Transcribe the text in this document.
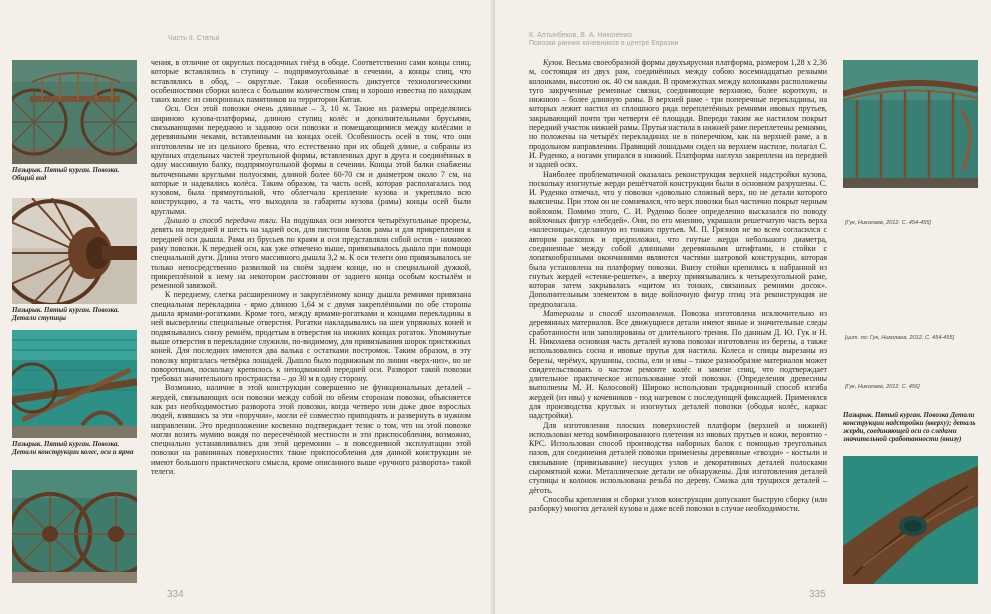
Часть II. Статьи
Пазырык. Пятый курган. Повозка. Общий вид
Пазырык. Пятый курган. Повозка. Детали ступицы
Пазырык. Пятый курган. Повозка. Детали конструкции колес, оси и ярма

чения, в отличие от округлых посадочных гнёзд в ободе. Соответственно сами концы спиц, которые вставлялись в ступицу – подпрямоугольные в сечении, а концы спиц, что вставлялись в обод, – округлые. Такая особенность диктуется технологическими особенностями сборки колеса с большим количеством спиц и хорошо известна по находкам таких колес из синхронных памятников на территории Китая.

Оси. Оси этой повозки очень длинные – 3, 10 м. Такие их размеры определялись шириною кузова-платформы, длиною ступиц колёс и дополнительными брусьями, связывающими переднюю и заднюю оси повозки и помещающимися между колёсами и деревянными чеками, вставленными на концах осей. Особенность осей в том, что они изготовлены не из цельного бревна, что естественно при их общей длине, а собраны из крупных отдельных частей треугольной формы, вставленных друг в друга и соединённых в одну массивную балку, подпрямоугольной формы в сечении. Концы этой балки снабжены выточенными круглыми полуосями, длиной более 60-70 см и диаметром около 7 см, на которые и надевались колёса. Таким образом, та часть осей, которая располагалась под кузовом, была прямоугольной, что облегчало крепление кузова и укрепляло всю конструкцию, а та часть, что выходила за габариты кузова (рамы) концы осей были круглыми.

Дышло и способ передачи тяги. На подушках оси имеются четырёхугольные прорезы, девять на передней и шесть на задней оси, для пистонов балок рамы и для прикрепления к передней оси дышла. Рама из брусьев по краям и оси представляли собой остов - нижнюю раму повозки. К передней оси, как уже отмечено выше, привязывалось дышло при помощи специальной дуги. Длина этого массивного дышла 3,2 м. К оси телеги оно привязывалось не только непосредственно развилкой на своём заднем конце, но и специальной дужкой, прикреплённой к нему на некотором расстоянии от заднего конца особым костылём и ременной завязкой.

К переднему, слегка расширенному и закруглённому концу дышла ремнями привязана специальная перекладина - ярмо длиною 1,64 м с двумя закреплёнными по обе стороны дышла ярмами-рогатками. Кроме того, между ярмами-рогатками и концами перекладины в ней высверлены специальные отверстия. Рогатки накладывались на шеи упряжных коней и подвязывались снизу ремнём, продетым в отверстия на нижних концах рогаток. Упомянутые выше отверстия в перекладине служили, по-видимому, для привязывания шорок пристяжных коней. Для последних имеются два валька с остатками постромок. Таким образом, в эту повозку впрягалась четвёрка лошадей. Дышло было подвижным по линии «верх-низ», но не поворотным, поскольку крепилось к неподвижной передней оси. Разворот такой повозки требовал значительного пространства – до 30 м в одну сторону.

Возможно, наличие в этой конструкции совершенно не функциональных деталей – жердей, связывающих оси повозки между собой по обеим сторонам повозки, объясняется как раз необходимостью разворота этой повозки, когда четверо или даже двое взрослых людей, взявшись за эти «поручни», могли её совместно приподнять и развернуть в нужном направлении. Это предположение косвенно подтверждает тезис о том, что на этой повозке могли возить мумию вождя по пересечённой местности и эти приспособления, возможно, специально устанавливались для этой церемонии – в повседневной эксплуатации этой повозки на равнинных поверхностях такие приспособления для данной конструкции не имеют большого практического смысла, кроме описанного выше «ручного разворота» такой телеги.

334
К. Алтынбеков, В. А. Никоненко
Повозки ранних кочевников в центре Евразии

Кузов. Весьма своеобразной формы двухъярусная платформа, размером 1,28 х 2,36 м, состоящая из двух рам, соединённых между собою восемнадцатью резными колонками, высотою ок. 40 см каждая. В промежутках между колонками расположены туго закрученные ременные связки, соединяющие верхнюю, более короткую, и нижнюю – более длинную рамы. В верхней раме - три поперечные перекладины, на которых лежит настил из сплошного ряда переплетённых ремнями ивовых прутьев, закрывающий почти три четверти её площади. Впереди таким же настилом покрыт передний участок нижней рамы. Прутья настила в нижней раме переплетены ремнями, но положены на четырёх перекладинах не в поперечном, как на верхней раме, а в продольном направлении. Правящий лошадьми сидел на верхнем настиле, полагал С. И. Руденко, а ногами упирался в нижний. Платформа наглухо закреплена на передней и задней осях.

Наиболее проблематичной оказалась реконструкция верхней надстройки кузова, поскольку изогнутые жерди решётчатой конструкции были в основном разрушены. С. И. Руденко отмечал, что у повозки «довольно сложный верх, но не детали которого выяснены. При этом он не сомневался, что верх повозки был частично покрыт черным войлоком. Помимо этого, С. И. Руденко более определенно высказался по поводу войлочных фигур «лебедей». Они, по его мнению, украшали решетчатую часть верха «колесницы», сделанную из тонких прутьев. М. П. Грязнов не во всем согласился с автором раскопок и предположил, что гнутые жерди небольшого диаметра, соединенные между собой длинными деревянными штифтами, и стойки с лопаткообразными окончаниями являются частями шатровой конструкции, которая была установлена на платформу повозки. Внизу стойки крепились к набранной из гнутых жердей «стенке-решетке», а вверху привязывались к четырехугольной раме, которая затем закрывалась «щитом из тонких, связанных ремнями досок». Дополнительным элементом в виде войлочную фигур птиц эта реконструкция не предполагала.

Материалы и способ изготовления. Повозка изготовлена исключительно из деревянных материалов. Все движущиеся детали имеют явные и значительные следы сработанности или заполированы от длительного трения. По данным Д. Ю. Гук и Н. Н. Николаева основная часть деталей кузова повозки изготовлена из березы, а также использовались сосна и ивовые прутья для настила. Колеса и спицы вырезаны из березы, черёмух, крушины, сосны, ели и ивы – такое разнообразие материалов может свидетельствовать о частом ремонте колёс и замене спиц, что подтверждает длительное практическое использование этой повозки. (Определения древесины выполнены М. И. Колосовой) Широко использован традиционный способ изгиба жердей (из ивы) у кочевников - под нагревом с последующей фиксацией. Применялся для производства круглых и изогнутых деталей повозки (ободья колёс, каркас надстройки).

Для изготовления плоских поверхностей платформ (верхней и нижней) использован метод комбинированного плетения из ивовых прутьев и кожи, вероятно - КРС. Использован способ производства наборных балок с помощью треугольных пазов, для соединения деталей повозки применены деревянные «гвозди» - костыли и связывание (привязывание) несущих узлов и декоративных деталей полосками сыромятной кожи. Металлические детали не обнаружены. Для изготовления деталей ступицы и колонок использована резьба по дереву. Смазка для трущихся деталей – дёготь.

Способы крепления и сборки узлов конструкции допускают быструю сборку (или разборку) многих деталей кузова и даже всей повозки в случае необходимости.

[Гук, Николаев, 2012. С. 454-455]
[цит. по: Гук, Николаев, 2012. С. 454-455]
[Гук, Николаев, 2012. С. 456]
Пазырык. Пятый курган. Повозка Детали конструкции надстройки (вверху); деталь жерди, соединяющей оси со следами значительной сработанности (внизу)
335
